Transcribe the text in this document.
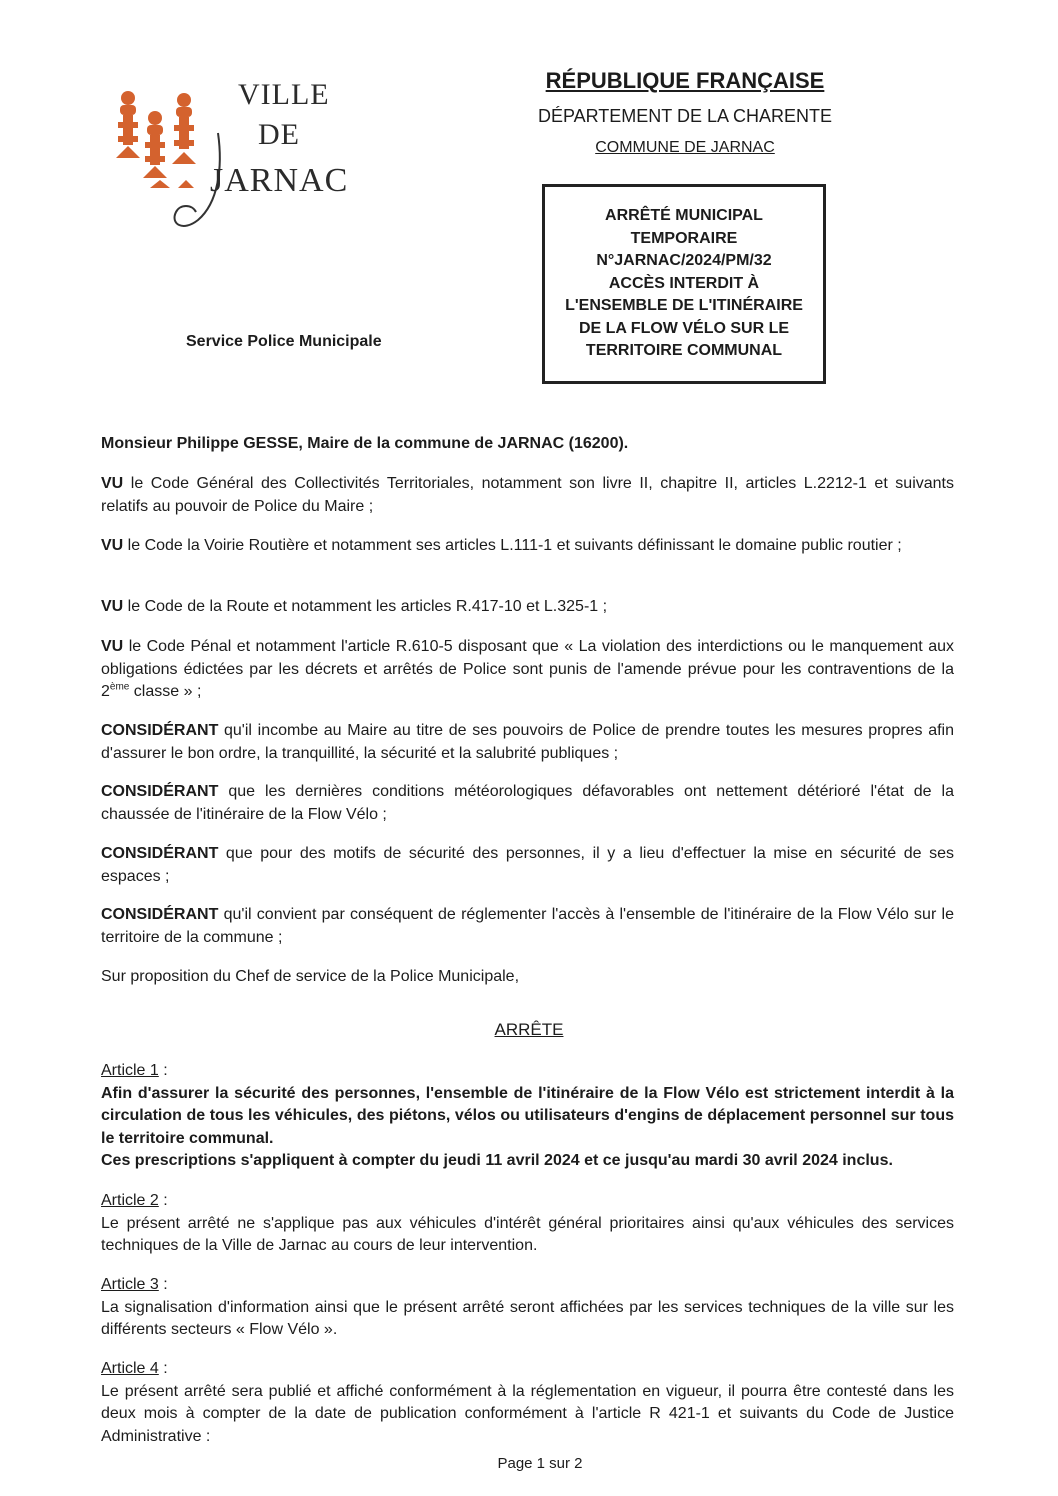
VILLE
DE
JARNAC
RÉPUBLIQUE FRANÇAISE
DÉPARTEMENT DE LA CHARENTE
COMMUNE DE JARNAC
ARRÊTÉ MUNICIPAL
TEMPORAIRE
N°JARNAC/2024/PM/32
ACCÈS INTERDIT À
L'ENSEMBLE DE L'ITINÉRAIRE
DE LA FLOW VÉLO SUR LE
TERRITOIRE COMMUNAL
Service Police Municipale
Monsieur Philippe GESSE, Maire de la commune de JARNAC (16200).
VU le Code Général des Collectivités Territoriales, notamment son livre II, chapitre II, articles L.2212-1 et suivants relatifs au pouvoir de Police du Maire ;
VU le Code la Voirie Routière et notamment ses articles L.111-1 et suivants définissant le domaine public routier ;
VU le Code de la Route et notamment les articles R.417-10 et L.325-1 ;
VU le Code Pénal et notamment l'article R.610-5 disposant que « La violation des interdictions ou le manquement aux obligations édictées par les décrets et arrêtés de Police sont punis de l'amende prévue pour les contraventions de la 2ème classe » ;
CONSIDÉRANT qu'il incombe au Maire au titre de ses pouvoirs de Police de prendre toutes les mesures propres afin d'assurer le bon ordre, la tranquillité, la sécurité et la salubrité publiques ;
CONSIDÉRANT que les dernières conditions météorologiques défavorables ont nettement détérioré l'état de la chaussée de l'itinéraire de la Flow Vélo ;
CONSIDÉRANT que pour des motifs de sécurité des personnes, il y a lieu d'effectuer la mise en sécurité de ses espaces ;
CONSIDÉRANT qu'il convient par conséquent de réglementer l'accès à l'ensemble de l'itinéraire de la Flow Vélo sur le territoire de la commune ;
Sur proposition du Chef de service de la Police Municipale,
ARRÊTE
Article 1 :
Afin d'assurer la sécurité des personnes, l'ensemble de l'itinéraire de la Flow Vélo est strictement interdit à la circulation de tous les véhicules, des piétons, vélos ou utilisateurs d'engins de déplacement personnel sur tous le territoire communal.
Ces prescriptions s'appliquent à compter du jeudi 11 avril 2024 et ce jusqu'au mardi 30 avril 2024 inclus.
Article 2 :
Le présent arrêté ne s'applique pas aux véhicules d'intérêt général prioritaires ainsi qu'aux véhicules des services techniques de la Ville de Jarnac au cours de leur intervention.
Article 3 :
La signalisation d'information ainsi que le présent arrêté seront affichées par les services techniques de la ville sur les différents secteurs « Flow Vélo ».
Article 4 :
Le présent arrêté sera publié et affiché conformément à la réglementation en vigueur, il pourra être contesté dans les deux mois à compter de la date de publication conformément à l'article R 421-1 et suivants du Code de Justice Administrative :
Page 1 sur 2
